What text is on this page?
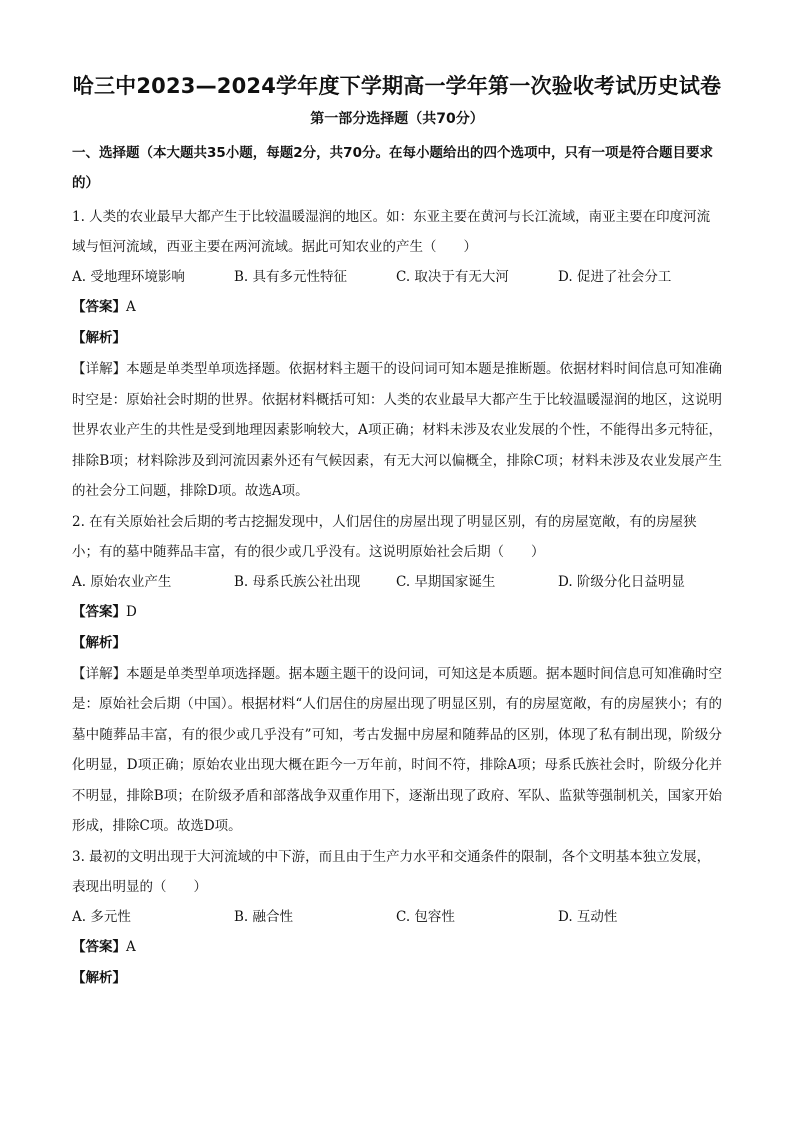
哈三中2023—2024学年度下学期高一学年第一次验收考试历史试卷
第一部分选择题（共70分）
一、选择题（本大题共35小题，每题2分，共70分。在每小题给出的四个选项中，只有一项是符合题目要求的）

1. 人类的农业最早大都产生于比较温暖湿润的地区。如：东亚主要在黄河与长江流域，南亚主要在印度河流域与恒河流域，西亚主要在两河流域。据此可知农业的产生（　　）

A. 受地理环境影响	B. 具有多元性特征	C. 取决于有无大河	D. 促进了社会分工
【答案】A
【解析】
【详解】本题是单类型单项选择题。依据材料主题干的设问词可知本题是推断题。依据材料时间信息可知准确时空是：原始社会时期的世界。依据材料概括可知：人类的农业最早大都产生于比较温暖湿润的地区，这说明世界农业产生的共性是受到地理因素影响较大，A项正确；材料未涉及农业发展的个性，不能得出多元特征，排除B项；材料除涉及到河流因素外还有气候因素，有无大河以偏概全，排除C项；材料未涉及农业发展产生的社会分工问题，排除D项。故选A项。

2. 在有关原始社会后期的考古挖掘发现中，人们居住的房屋出现了明显区别，有的房屋宽敞，有的房屋狭小；有的墓中随葬品丰富，有的很少或几乎没有。这说明原始社会后期（　　）

A. 原始农业产生	B. 母系氏族公社出现	C. 早期国家诞生	D. 阶级分化日益明显
【答案】D
【解析】
【详解】本题是单类型单项选择题。据本题主题干的设问词，可知这是本质题。据本题时间信息可知准确时空是：原始社会后期（中国）。根据材料“人们居住的房屋出现了明显区别，有的房屋宽敞，有的房屋狭小；有的墓中随葬品丰富，有的很少或几乎没有”可知，考古发掘中房屋和随葬品的区别，体现了私有制出现，阶级分化明显，D项正确；原始农业出现大概在距今一万年前，时间不符，排除A项；母系氏族社会时，阶级分化并不明显，排除B项；在阶级矛盾和部落战争双重作用下，逐渐出现了政府、军队、监狱等强制机关，国家开始形成，排除C项。故选D项。

3. 最初的文明出现于大河流域的中下游，而且由于生产力水平和交通条件的限制，各个文明基本独立发展，表现出明显的（　　）

A. 多元性	B. 融合性	C. 包容性	D. 互动性
【答案】A
【解析】
